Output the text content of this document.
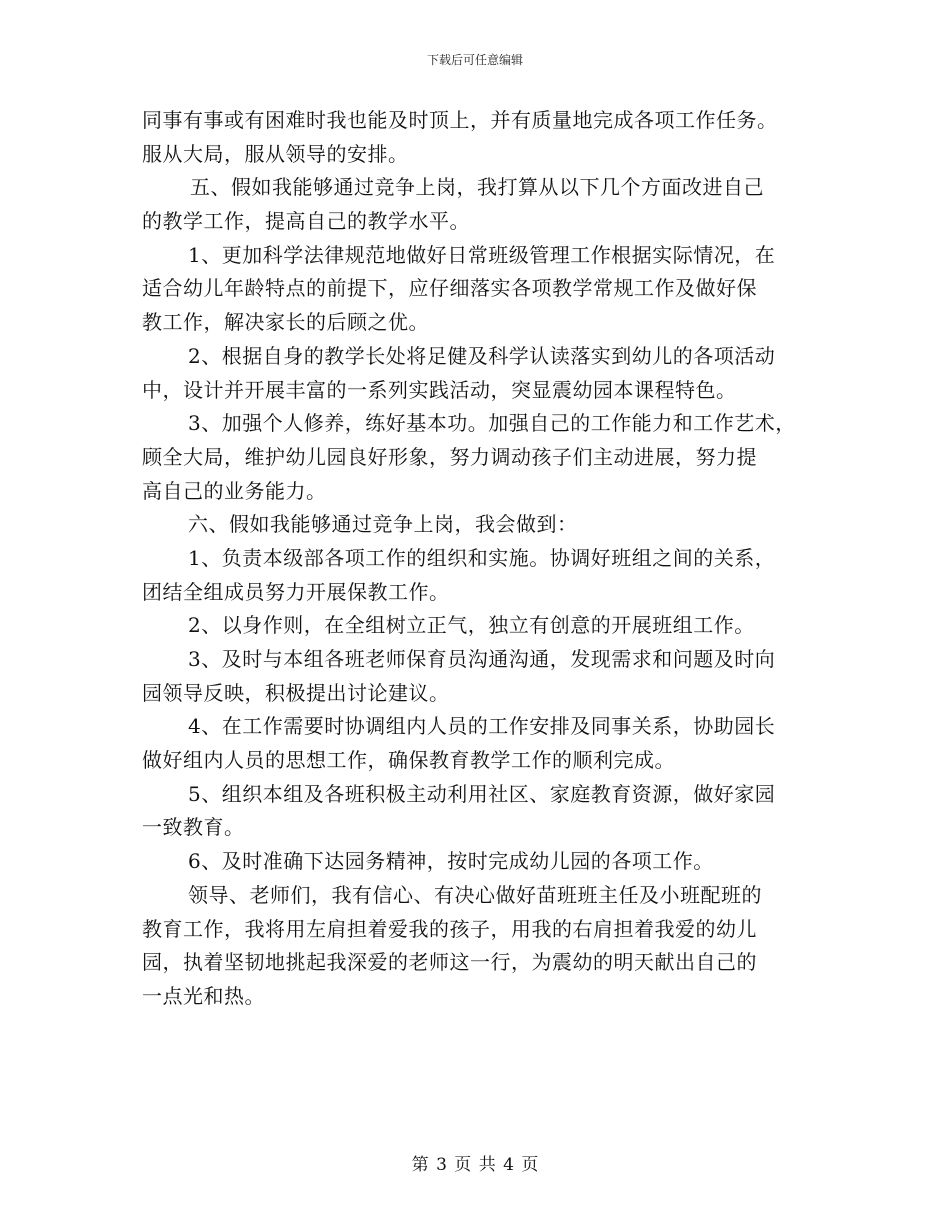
下载后可任意编辑
同事有事或有困难时我也能及时顶上，并有质量地完成各项工作任务。
服从大局，服从领导的安排。
五、假如我能够通过竞争上岗，我打算从以下几个方面改进自己
的教学工作，提高自己的教学水平。
1、更加科学法律规范地做好日常班级管理工作根据实际情况，在
适合幼儿年龄特点的前提下，应仔细落实各项教学常规工作及做好保
教工作，解决家长的后顾之优。
2、根据自身的教学长处将足健及科学认读落实到幼儿的各项活动
中，设计并开展丰富的一系列实践活动，突显震幼园本课程特色。
3、加强个人修养，练好基本功。加强自己的工作能力和工作艺术，
顾全大局，维护幼儿园良好形象，努力调动孩子们主动进展，努力提
高自己的业务能力。
六、假如我能够通过竞争上岗，我会做到：
1、负责本级部各项工作的组织和实施。协调好班组之间的关系，
团结全组成员努力开展保教工作。
2、以身作则，在全组树立正气，独立有创意的开展班组工作。
3、及时与本组各班老师保育员沟通沟通，发现需求和问题及时向
园领导反映，积极提出讨论建议。
4、在工作需要时协调组内人员的工作安排及同事关系，协助园长
做好组内人员的思想工作，确保教育教学工作的顺利完成。
5、组织本组及各班积极主动利用社区、家庭教育资源，做好家园
一致教育。
6、及时准确下达园务精神，按时完成幼儿园的各项工作。
领导、老师们，我有信心、有决心做好苗班班主任及小班配班的
教育工作，我将用左肩担着爱我的孩子，用我的右肩担着我爱的幼儿
园，执着坚韧地挑起我深爱的老师这一行，为震幼的明天献出自己的
一点光和热。
第 3 页 共 4 页
